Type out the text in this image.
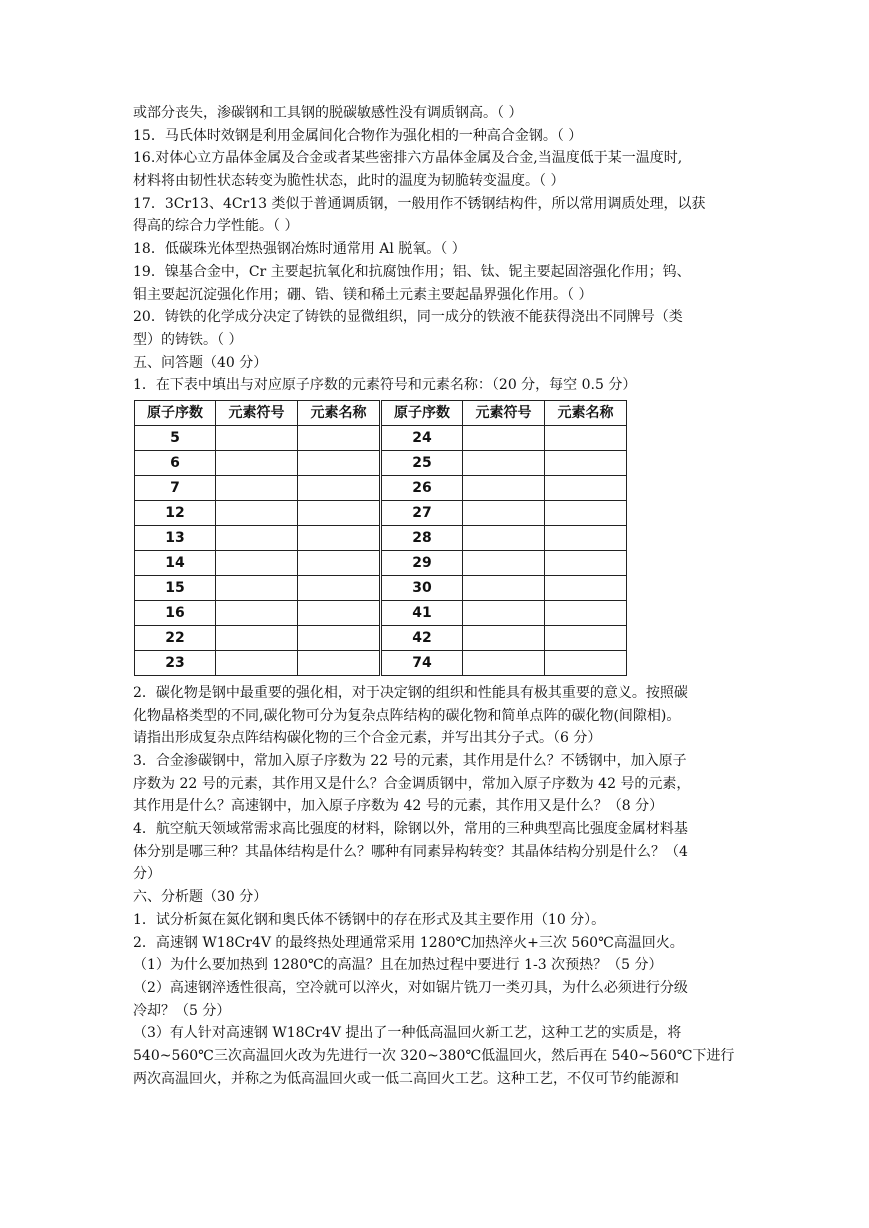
或部分丧失，渗碳钢和工具钢的脱碳敏感性没有调质钢高。（ ）
15．马氏体时效钢是利用金属间化合物作为强化相的一种高合金钢。（ ）
16.对体心立方晶体金属及合金或者某些密排六方晶体金属及合金,当温度低于某一温度时,
材料将由韧性状态转变为脆性状态，此时的温度为韧脆转变温度。（ ）
17．3Cr13、4Cr13 类似于普通调质钢，一般用作不锈钢结构件，所以常用调质处理，以获
得高的综合力学性能。（ ）
18．低碳珠光体型热强钢冶炼时通常用 Al 脱氧。（ ）
19．镍基合金中，Cr 主要起抗氧化和抗腐蚀作用；铝、钛、铌主要起固溶强化作用；钨、
钼主要起沉淀强化作用；硼、锆、镁和稀土元素主要起晶界强化作用。（ ）
20．铸铁的化学成分决定了铸铁的显微组织，同一成分的铁液不能获得浇出不同牌号（类
型）的铸铁。（ ）
五、问答题（40 分）
1．在下表中填出与对应原子序数的元素符号和元素名称：（20 分，每空 0.5 分）
原子序数	元素符号	元素名称	原子序数	元素符号	元素名称
5			24		
6			25		
7			26		
12			27		
13			28		
14			29		
15			30		
16			41		
22			42		
23			74		
2．碳化物是钢中最重要的强化相，对于决定钢的组织和性能具有极其重要的意义。按照碳
化物晶格类型的不同,碳化物可分为复杂点阵结构的碳化物和简单点阵的碳化物(间隙相)。
请指出形成复杂点阵结构碳化物的三个合金元素，并写出其分子式。（6 分）
3．合金渗碳钢中，常加入原子序数为 22 号的元素，其作用是什么？不锈钢中，加入原子
序数为 22 号的元素，其作用又是什么？合金调质钢中，常加入原子序数为 42 号的元素，
其作用是什么？高速钢中，加入原子序数为 42 号的元素，其作用又是什么？（8 分）
4．航空航天领域常需求高比强度的材料，除钢以外，常用的三种典型高比强度金属材料基
体分别是哪三种？其晶体结构是什么？哪种有同素异构转变？其晶体结构分别是什么？（4
分）
六、分析题（30 分）
1．试分析氮在氮化钢和奥氏体不锈钢中的存在形式及其主要作用（10 分）。
2．高速钢 W18Cr4V 的最终热处理通常采用 1280℃加热淬火+三次 560℃高温回火。
（1）为什么要加热到 1280℃的高温？且在加热过程中要进行 1-3 次预热？（5 分）
（2）高速钢淬透性很高，空冷就可以淬火，对如锯片铣刀一类刃具，为什么必须进行分级
冷却？（5 分）
（3）有人针对高速钢 W18Cr4V 提出了一种低高温回火新工艺，这种工艺的实质是，将
540~560℃三次高温回火改为先进行一次 320~380℃低温回火，然后再在 540~560℃下进行
两次高温回火，并称之为低高温回火或一低二高回火工艺。这种工艺，不仅可节约能源和
